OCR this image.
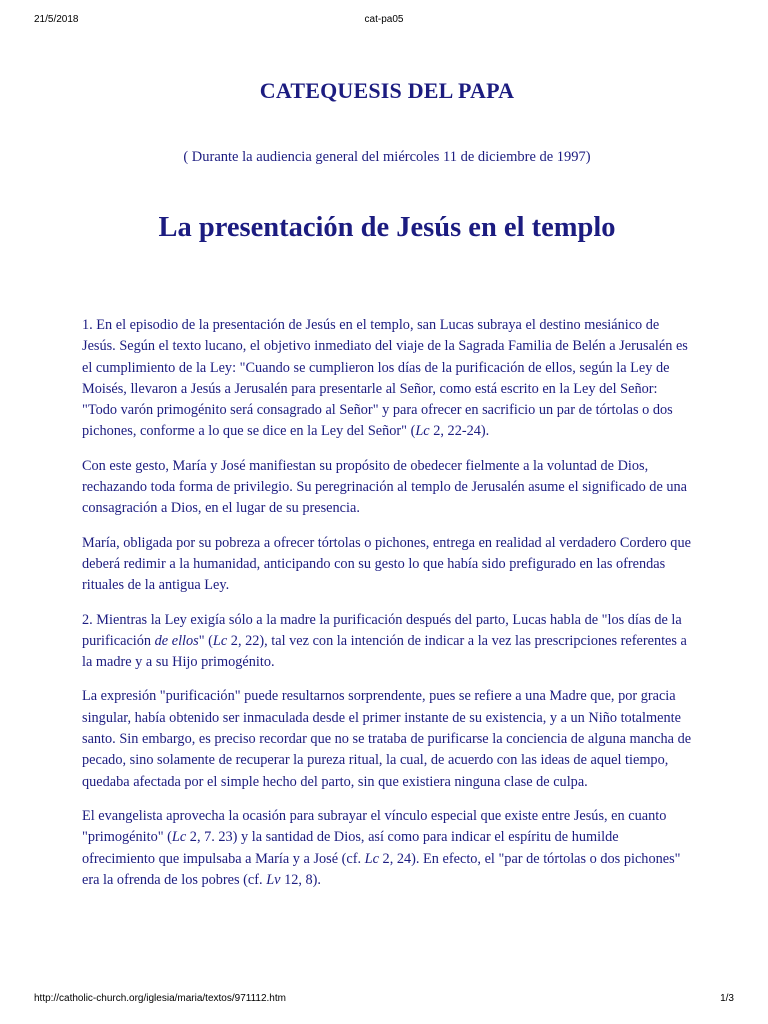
21/5/2018	cat-pa05
CATEQUESIS DEL PAPA

( Durante la audiencia general del miércoles 11 de diciembre de 1997)

La presentación de Jesús en el templo

1. En el episodio de la presentación de Jesús en el templo, san Lucas subraya el destino mesiánico de Jesús. Según el texto lucano, el objetivo inmediato del viaje de la Sagrada Familia de Belén a Jerusalén es el cumplimiento de la Ley: "Cuando se cumplieron los días de la purificación de ellos, según la Ley de Moisés, llevaron a Jesús a Jerusalén para presentarle al Señor, como está escrito en la Ley del Señor: "Todo varón primogénito será consagrado al Señor" y para ofrecer en sacrificio un par de tórtolas o dos pichones, conforme a lo que se dice en la Ley del Señor" (Lc 2, 22-24).

Con este gesto, María y José manifiestan su propósito de obedecer fielmente a la voluntad de Dios, rechazando toda forma de privilegio. Su peregrinación al templo de Jerusalén asume el significado de una consagración a Dios, en el lugar de su presencia.

María, obligada por su pobreza a ofrecer tórtolas o pichones, entrega en realidad al verdadero Cordero que deberá redimir a la humanidad, anticipando con su gesto lo que había sido prefigurado en las ofrendas rituales de la antigua Ley.

2. Mientras la Ley exigía sólo a la madre la purificación después del parto, Lucas habla de "los días de la purificación de ellos" (Lc 2, 22), tal vez con la intención de indicar a la vez las prescripciones referentes a la madre y a su Hijo primogénito.

La expresión "purificación" puede resultarnos sorprendente, pues se refiere a una Madre que, por gracia singular, había obtenido ser inmaculada desde el primer instante de su existencia, y a un Niño totalmente santo. Sin embargo, es preciso recordar que no se trataba de purificarse la conciencia de alguna mancha de pecado, sino solamente de recuperar la pureza ritual, la cual, de acuerdo con las ideas de aquel tiempo, quedaba afectada por el simple hecho del parto, sin que existiera ninguna clase de culpa.

El evangelista aprovecha la ocasión para subrayar el vínculo especial que existe entre Jesús, en cuanto "primogénito" (Lc 2, 7. 23) y la santidad de Dios, así como para indicar el espíritu de humilde ofrecimiento que impulsaba a María y a José (cf. Lc 2, 24). En efecto, el "par de tórtolas o dos pichones" era la ofrenda de los pobres (cf. Lv 12, 8).

http://catholic-church.org/iglesia/maria/textos/971112.htm	1/3
